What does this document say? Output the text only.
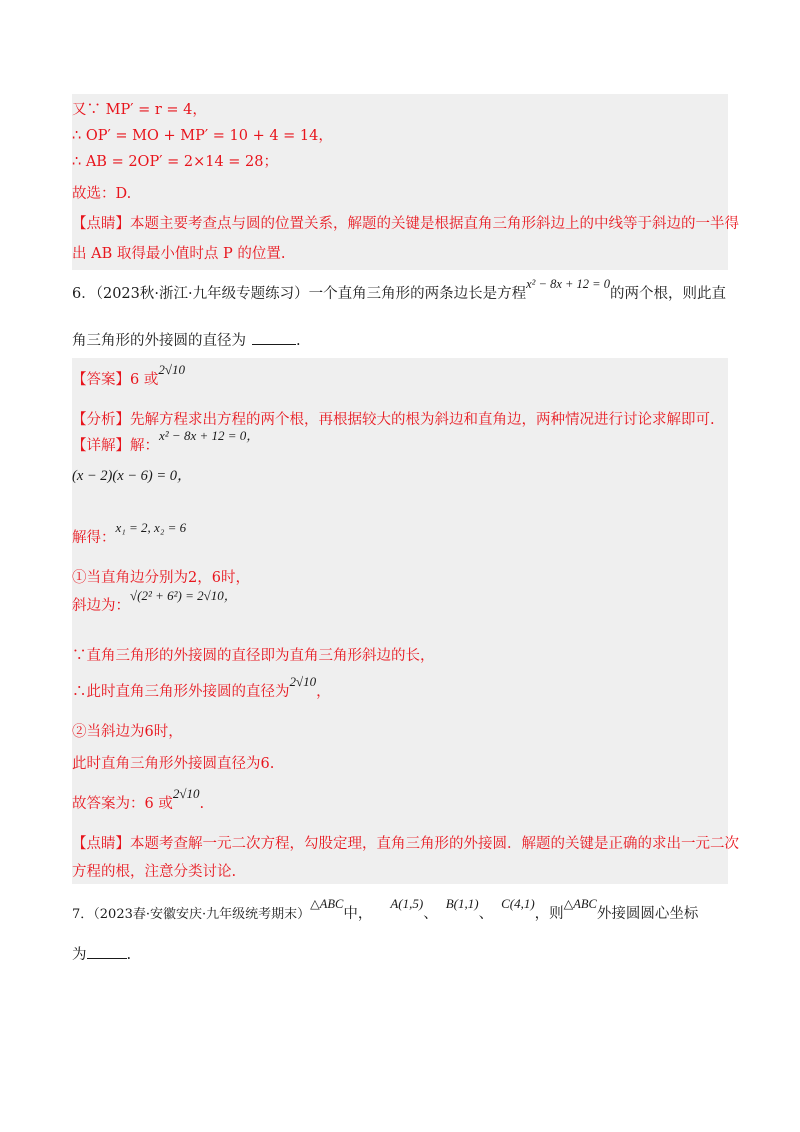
又∵ MP′ = r = 4，
∴ OP′ = MO + MP′ = 10 + 4 = 14，
∴ AB = 2OP′ = 2×14 = 28；
故选：D.
【点睛】本题主要考查点与圆的位置关系，解题的关键是根据直角三角形斜边上的中线等于斜边的一半得
出 AB 取得最小值时点 P 的位置.
6．（2023秋·浙江·九年级专题练习）一个直角三角形的两条边长是方程x² − 8x + 12 = 0的两个根，则此直
角三角形的外接圆的直径为	.
【答案】6 或2√10
【分析】先解方程求出方程的两个根，再根据较大的根为斜边和直角边，两种情况进行讨论求解即可.
【详解】解：x² − 8x + 12 = 0，
(x − 2)(x − 6) = 0，
解得：x₁ = 2, x₂ = 6
①当直角边分别为2，6时，
斜边为：√(2² + 6²) = 2√10，
∵直角三角形的外接圆的直径即为直角三角形斜边的长，
∴此时直角三角形外接圆的直径为2√10，
②当斜边为6时，
此时直角三角形外接圆直径为6.
故答案为：6 或2√10.
【点睛】本题考查解一元二次方程，勾股定理，直角三角形的外接圆．解题的关键是正确的求出一元二次
方程的根，注意分类讨论.
7．（2023春·安徽安庆·九年级统考期末）△ABC中，A(1,5)、B(1,1)、C(4,1)，则△ABC外接圆圆心坐标
为	.
